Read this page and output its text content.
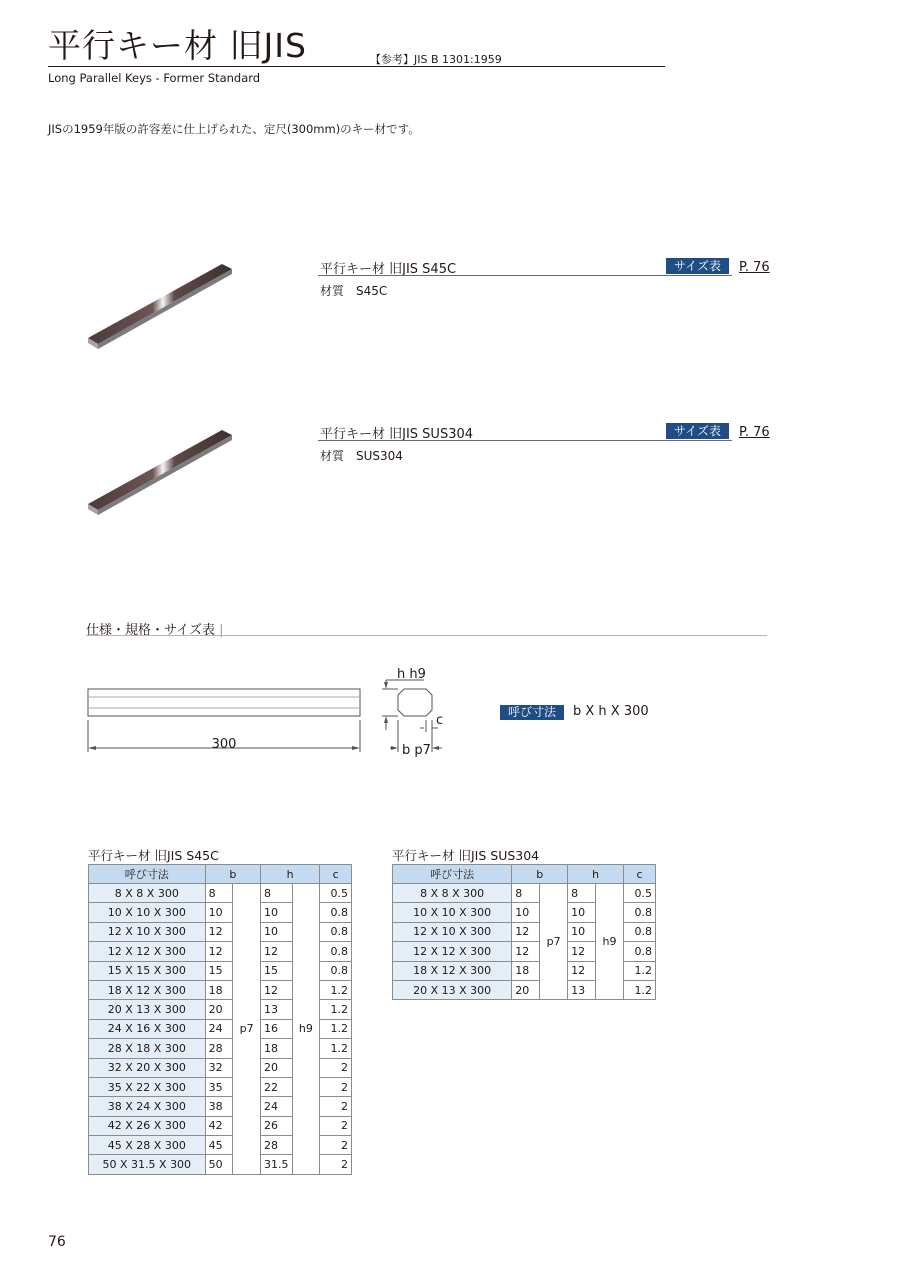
平行キー材 旧JIS	【参考】JIS B 1301:1959
Long Parallel Keys - Former Standard
JISの1959年版の許容差に仕上げられた、定尺(300mm)のキー材です。
平行キー材 旧JIS S45C	サイズ表	P. 76
材質　S45C
平行キー材 旧JIS SUS304	サイズ表	P. 76
材質　SUS304
仕様・規格・サイズ表 |
300
h h9
b p7
c
呼び寸法	b X h X 300
平行キー材 旧JIS S45C
呼び寸法	b		h		c
8 X 8 X 300	8	p7	8	h9	0.5
10 X 10 X 300	10		10		0.8
12 X 10 X 300	12		10		0.8
12 X 12 X 300	12		12		0.8
15 X 15 X 300	15		15		0.8
18 X 12 X 300	18		12		1.2
20 X 13 X 300	20		13		1.2
24 X 16 X 300	24		16		1.2
28 X 18 X 300	28		18		1.2
32 X 20 X 300	32		20		2
35 X 22 X 300	35		22		2
38 X 24 X 300	38		24		2
42 X 26 X 300	42		26		2
45 X 28 X 300	45		28		2
50 X 31.5 X 300	50		31.5		2
平行キー材 旧JIS SUS304
呼び寸法	b		h		c
8 X 8 X 300	8	p7	8	h9	0.5
10 X 10 X 300	10		10		0.8
12 X 10 X 300	12		10		0.8
12 X 12 X 300	12		12		0.8
18 X 12 X 300	18		12		1.2
20 X 13 X 300	20		13		1.2
76
